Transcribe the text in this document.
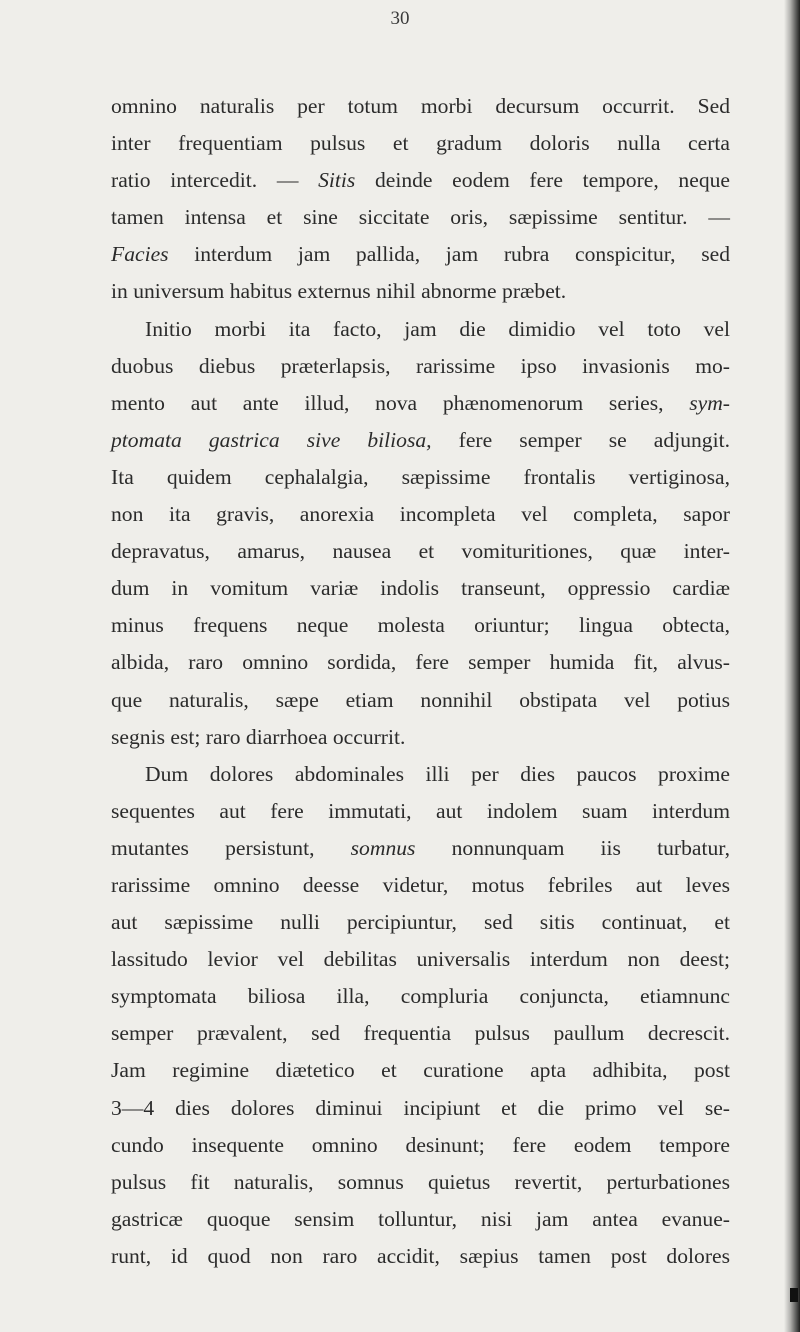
30
omnino naturalis per totum morbi decursum occurrit. Sed
inter frequentiam pulsus et gradum doloris nulla certa
ratio intercedit. — Sitis deinde eodem fere tempore, neque
tamen intensa et sine siccitate oris, sæpissime sentitur. —
Facies interdum jam pallida, jam rubra conspicitur, sed
in universum habitus externus nihil abnorme præbet.
Initio morbi ita facto, jam die dimidio vel toto vel
duobus diebus præterlapsis, rarissime ipso invasionis mo-
mento aut ante illud, nova phænomenorum series, sym-
ptomata gastrica sive biliosa, fere semper se adjungit.
Ita quidem cephalalgia, sæpissime frontalis vertiginosa,
non ita gravis, anorexia incompleta vel completa, sapor
depravatus, amarus, nausea et vomituritiones, quæ inter-
dum in vomitum variæ indolis transeunt, oppressio cardiæ
minus frequens neque molesta oriuntur; lingua obtecta,
albida, raro omnino sordida, fere semper humida fit, alvus-
que naturalis, sæpe etiam nonnihil obstipata vel potius
segnis est; raro diarrhoea occurrit.
Dum dolores abdominales illi per dies paucos proxime
sequentes aut fere immutati, aut indolem suam interdum
mutantes persistunt, somnus nonnunquam iis turbatur,
rarissime omnino deesse videtur, motus febriles aut leves
aut sæpissime nulli percipiuntur, sed sitis continuat, et
lassitudo levior vel debilitas universalis interdum non deest;
symptomata biliosa illa, compluria conjuncta, etiamnunc
semper prævalent, sed frequentia pulsus paullum decrescit.
Jam regimine diætetico et curatione apta adhibita, post
3—4 dies dolores diminui incipiunt et die primo vel se-
cundo insequente omnino desinunt; fere eodem tempore
pulsus fit naturalis, somnus quietus revertit, perturbationes
gastricæ quoque sensim tolluntur, nisi jam antea evanue-
runt, id quod non raro accidit, sæpius tamen post dolores
